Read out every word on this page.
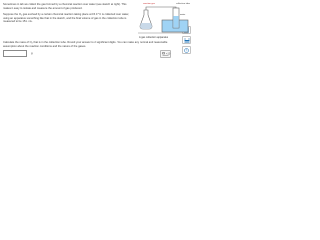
Sometimes in lab we collect the gas formed by a chemical reaction over water (see sketch at right). This makes it easy to isolate and measure the amount of gas produced.

Suppose the O₂ gas evolved by a certain chemical reaction taking place at 15.0 °C is collected over water, using an apparatus something like that in the sketch, and the final volume of gas in the collection tube is measured to be 151. mL.

Calculate the mass of O₂ that is in the collection tube. Round your answer to 2 significant digits. You can make any normal and reasonable assumption about the reaction conditions and the nature of the gases.

g	×10
?
reaction gas	collection tube
water
A gas collection apparatus
